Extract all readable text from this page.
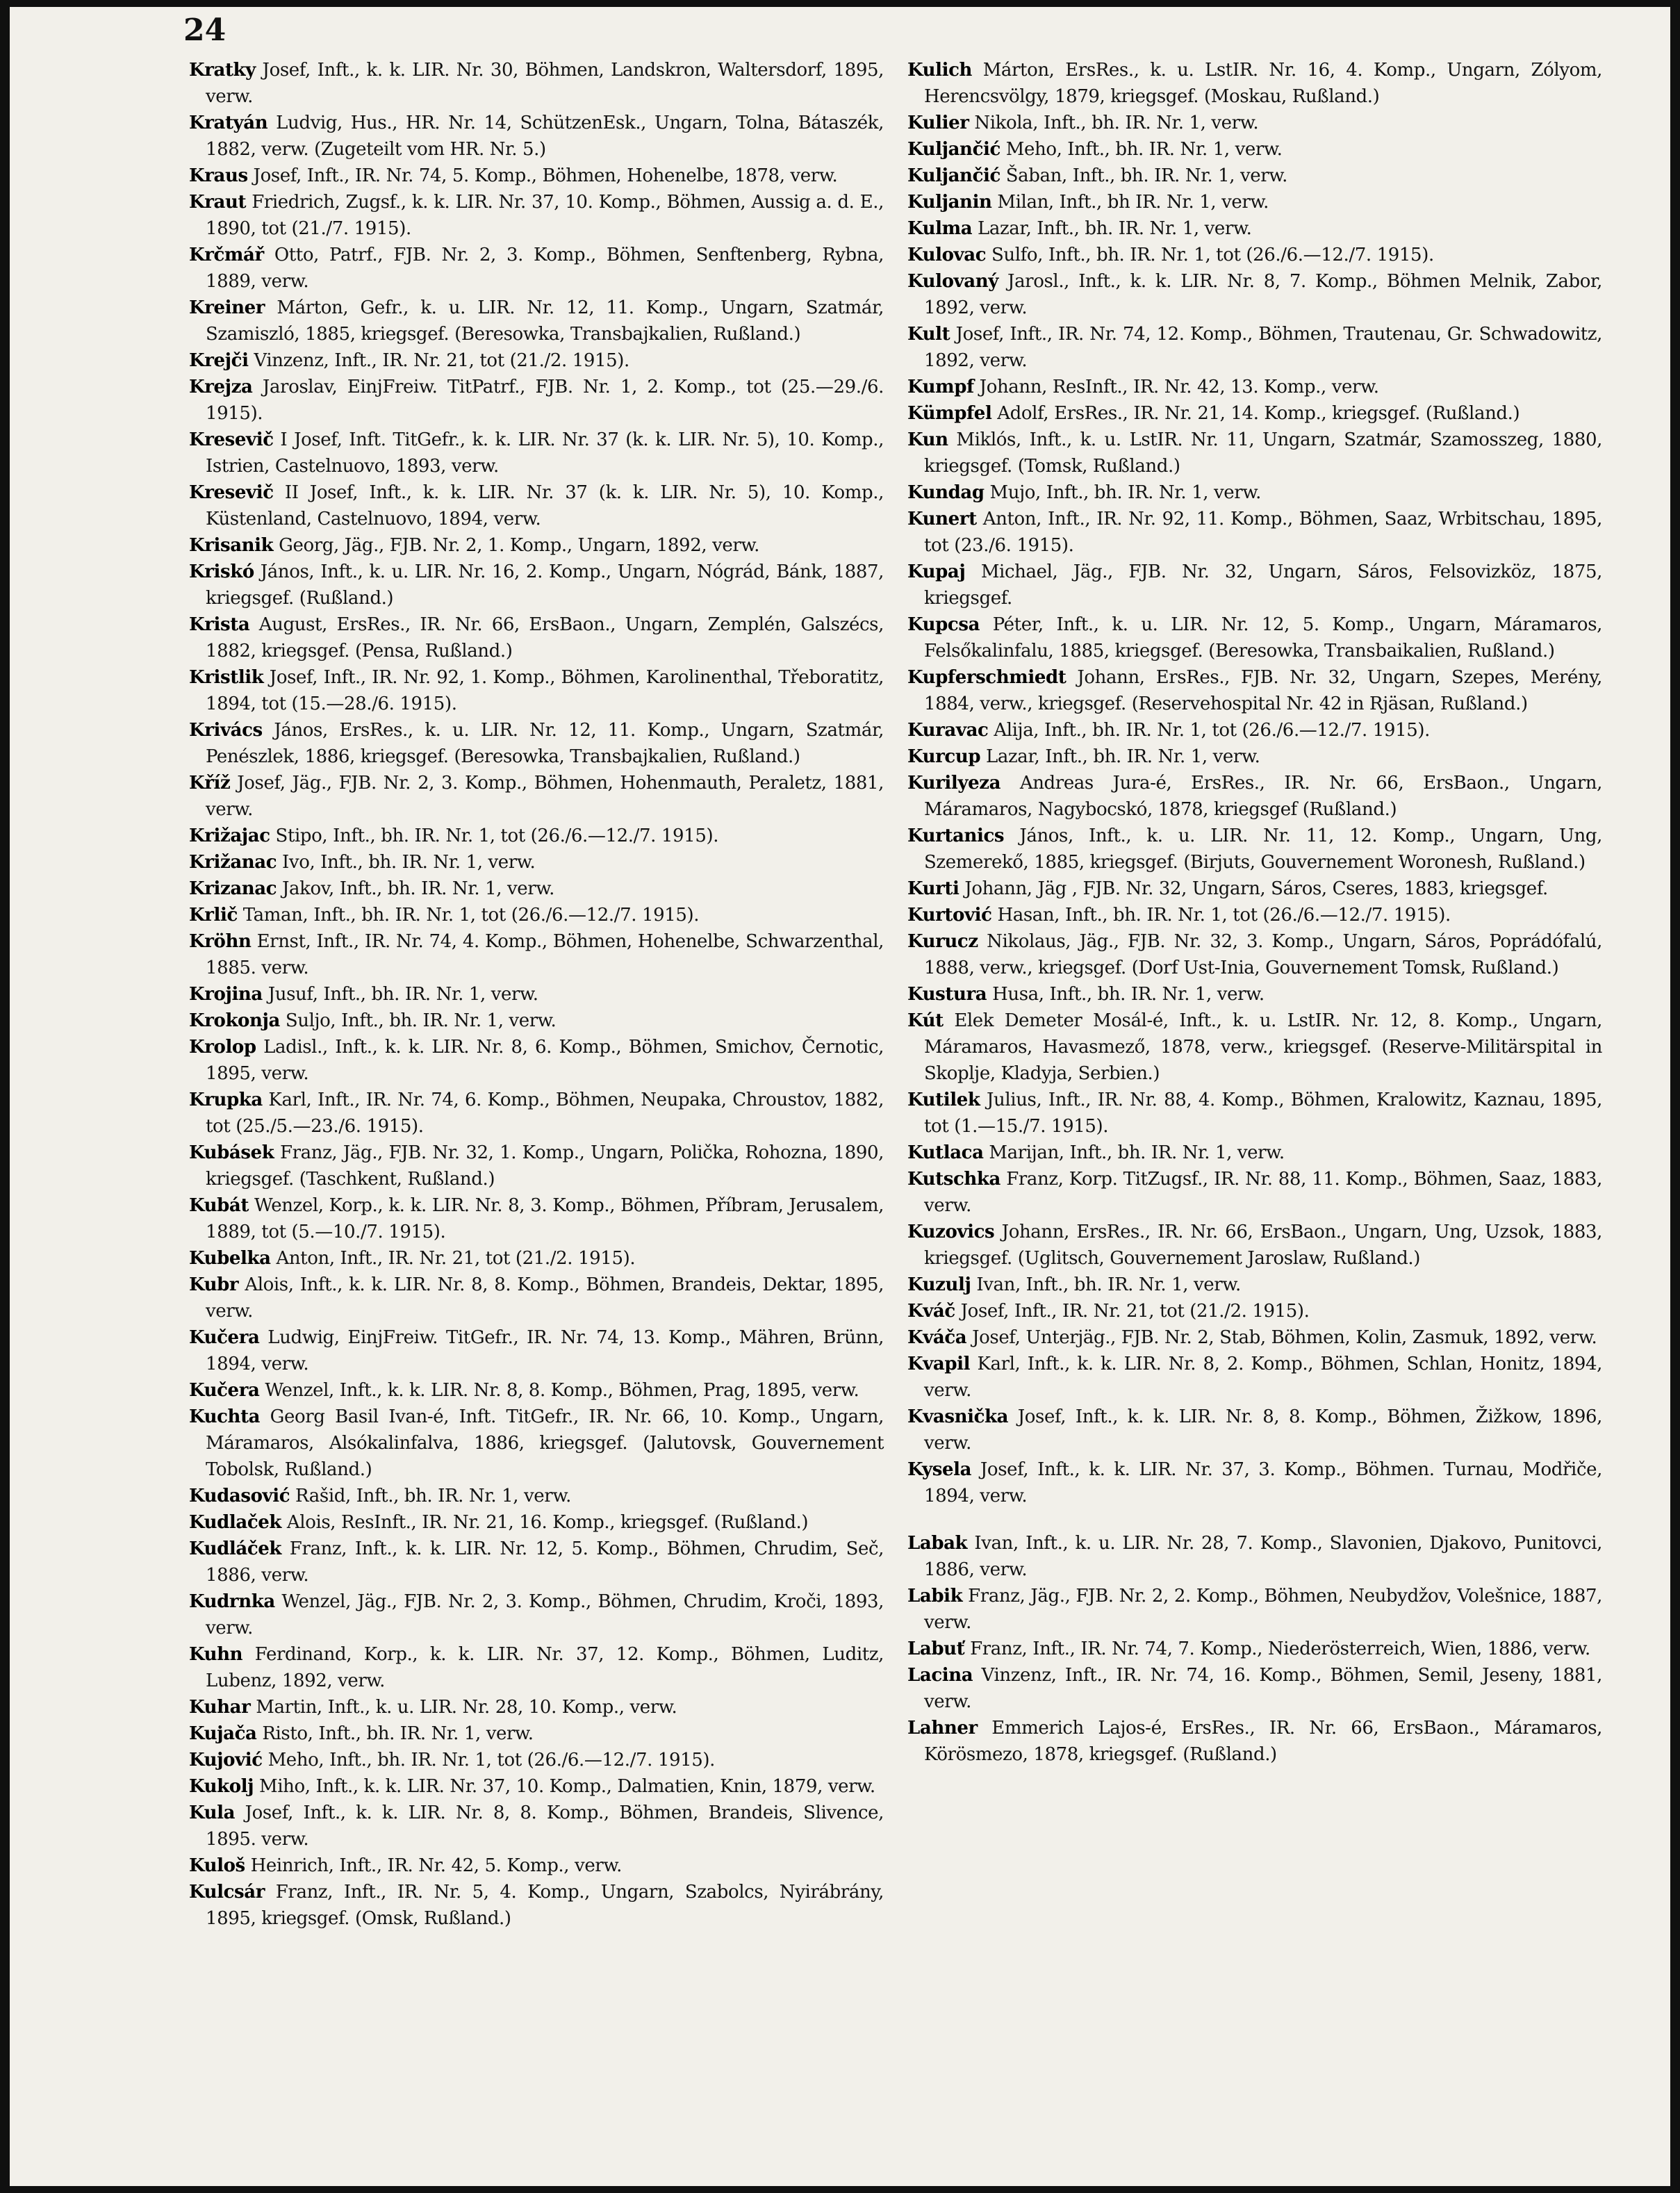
24

Kratky Josef, Inft., k. k. LIR. Nr. 30, Böhmen, Landskron, Waltersdorf, 1895, verw.

Kratyán Ludvig, Hus., HR. Nr. 14, SchützenEsk., Ungarn, Tolna, Bátaszék, 1882, verw. (Zugeteilt vom HR. Nr. 5.)

Kraus Josef, Inft., IR. Nr. 74, 5. Komp., Böhmen, Hohenelbe, 1878, verw.

Kraut Friedrich, Zugsf., k. k. LIR. Nr. 37, 10. Komp., Böhmen, Aussig a. d. E., 1890, tot (21./7. 1915).

Krčmář Otto, Patrf., FJB. Nr. 2, 3. Komp., Böhmen, Senftenberg, Rybna, 1889, verw.

Kreiner Márton, Gefr., k. u. LIR. Nr. 12, 11. Komp., Ungarn, Szatmár, Szamiszló, 1885, kriegsgef. (Beresowka, Transbajkalien, Rußland.)

Krejči Vinzenz, Inft., IR. Nr. 21, tot (21./2. 1915).

Krejza Jaroslav, EinjFreiw. TitPatrf., FJB. Nr. 1, 2. Komp., tot (25.—29./6. 1915).

Kresevič I Josef, Inft. TitGefr., k. k. LIR. Nr. 37 (k. k. LIR. Nr. 5), 10. Komp., Istrien, Castelnuovo, 1893, verw.

Kresevič II Josef, Inft., k. k. LIR. Nr. 37 (k. k. LIR. Nr. 5), 10. Komp., Küstenland, Castelnuovo, 1894, verw.

Krisanik Georg, Jäg., FJB. Nr. 2, 1. Komp., Ungarn, 1892, verw.

Kriskó János, Inft., k. u. LIR. Nr. 16, 2. Komp., Ungarn, Nógrád, Bánk, 1887, kriegsgef. (Rußland.)

Krista August, ErsRes., IR. Nr. 66, ErsBaon., Ungarn, Zemplén, Galszécs, 1882, kriegsgef. (Pensa, Rußland.)

Kristlik Josef, Inft., IR. Nr. 92, 1. Komp., Böhmen, Karolinenthal, Třeboratitz, 1894, tot (15.—28./6. 1915).

Krivács János, ErsRes., k. u. LIR. Nr. 12, 11. Komp., Ungarn, Szatmár, Penészlek, 1886, kriegsgef. (Beresowka, Transbajkalien, Rußland.)

Kříž Josef, Jäg., FJB. Nr. 2, 3. Komp., Böhmen, Hohenmauth, Peraletz, 1881, verw.

Križajac Stipo, Inft., bh. IR. Nr. 1, tot (26./6.—12./7. 1915).

Križanac Ivo, Inft., bh. IR. Nr. 1, verw.

Krizanac Jakov, Inft., bh. IR. Nr. 1, verw.

Krlič Taman, Inft., bh. IR. Nr. 1, tot (26./6.—12./7. 1915).

Kröhn Ernst, Inft., IR. Nr. 74, 4. Komp., Böhmen, Hohenelbe, Schwarzenthal, 1885. verw.

Krojina Jusuf, Inft., bh. IR. Nr. 1, verw.

Krokonja Suljo, Inft., bh. IR. Nr. 1, verw.

Krolop Ladisl., Inft., k. k. LIR. Nr. 8, 6. Komp., Böhmen, Smichov, Černotic, 1895, verw.

Krupka Karl, Inft., IR. Nr. 74, 6. Komp., Böhmen, Neupaka, Chroustov, 1882, tot (25./5.—23./6. 1915).

Kubásek Franz, Jäg., FJB. Nr. 32, 1. Komp., Ungarn, Polička, Rohozna, 1890, kriegsgef. (Taschkent, Rußland.)

Kubát Wenzel, Korp., k. k. LIR. Nr. 8, 3. Komp., Böhmen, Příbram, Jerusalem, 1889, tot (5.—10./7. 1915).

Kubelka Anton, Inft., IR. Nr. 21, tot (21./2. 1915).

Kubr Alois, Inft., k. k. LIR. Nr. 8, 8. Komp., Böhmen, Brandeis, Dektar, 1895, verw.

Kučera Ludwig, EinjFreiw. TitGefr., IR. Nr. 74, 13. Komp., Mähren, Brünn, 1894, verw.

Kučera Wenzel, Inft., k. k. LIR. Nr. 8, 8. Komp., Böhmen, Prag, 1895, verw.

Kuchta Georg Basil Ivan-é, Inft. TitGefr., IR. Nr. 66, 10. Komp., Ungarn, Máramaros, Alsókalinfalva, 1886, kriegsgef. (Jalutovsk, Gouvernement Tobolsk, Rußland.)

Kudasović Rašid, Inft., bh. IR. Nr. 1, verw.

Kudlaček Alois, ResInft., IR. Nr. 21, 16. Komp., kriegsgef. (Rußland.)

Kudláček Franz, Inft., k. k. LIR. Nr. 12, 5. Komp., Böhmen, Chrudim, Seč, 1886, verw.

Kudrnka Wenzel, Jäg., FJB. Nr. 2, 3. Komp., Böhmen, Chrudim, Kroči, 1893, verw.

Kuhn Ferdinand, Korp., k. k. LIR. Nr. 37, 12. Komp., Böhmen, Luditz, Lubenz, 1892, verw.

Kuhar Martin, Inft., k. u. LIR. Nr. 28, 10. Komp., verw.

Kujača Risto, Inft., bh. IR. Nr. 1, verw.

Kujović Meho, Inft., bh. IR. Nr. 1, tot (26./6.—12./7. 1915).

Kukolj Miho, Inft., k. k. LIR. Nr. 37, 10. Komp., Dalmatien, Knin, 1879, verw.

Kula Josef, Inft., k. k. LIR. Nr. 8, 8. Komp., Böhmen, Brandeis, Slivence, 1895. verw.

Kuloš Heinrich, Inft., IR. Nr. 42, 5. Komp., verw.

Kulcsár Franz, Inft., IR. Nr. 5, 4. Komp., Ungarn, Szabolcs, Nyirábrány, 1895, kriegsgef. (Omsk, Rußland.)

Kulich Márton, ErsRes., k. u. LstIR. Nr. 16, 4. Komp., Ungarn, Zólyom, Herencsvölgy, 1879, kriegsgef. (Moskau, Rußland.)

Kulier Nikola, Inft., bh. IR. Nr. 1, verw.

Kuljančić Meho, Inft., bh. IR. Nr. 1, verw.

Kuljančić Šaban, Inft., bh. IR. Nr. 1, verw.

Kuljanin Milan, Inft., bh IR. Nr. 1, verw.

Kulma Lazar, Inft., bh. IR. Nr. 1, verw.

Kulovac Sulfo, Inft., bh. IR. Nr. 1, tot (26./6.—12./7. 1915).

Kulovaný Jarosl., Inft., k. k. LIR. Nr. 8, 7. Komp., Böhmen Melnik, Zabor, 1892, verw.

Kult Josef, Inft., IR. Nr. 74, 12. Komp., Böhmen, Trautenau, Gr. Schwadowitz, 1892, verw.

Kumpf Johann, ResInft., IR. Nr. 42, 13. Komp., verw.

Kümpfel Adolf, ErsRes., IR. Nr. 21, 14. Komp., kriegsgef. (Rußland.)

Kun Miklós, Inft., k. u. LstIR. Nr. 11, Ungarn, Szatmár, Szamosszeg, 1880, kriegsgef. (Tomsk, Rußland.)

Kundag Mujo, Inft., bh. IR. Nr. 1, verw.

Kunert Anton, Inft., IR. Nr. 92, 11. Komp., Böhmen, Saaz, Wrbitschau, 1895, tot (23./6. 1915).

Kupaj Michael, Jäg., FJB. Nr. 32, Ungarn, Sáros, Felsovizköz, 1875, kriegsgef.

Kupcsa Péter, Inft., k. u. LIR. Nr. 12, 5. Komp., Ungarn, Máramaros, Felsőkalinfalu, 1885, kriegsgef. (Beresowka, Transbaikalien, Rußland.)

Kupferschmiedt Johann, ErsRes., FJB. Nr. 32, Ungarn, Szepes, Merény, 1884, verw., kriegsgef. (Reservehospital Nr. 42 in Rjäsan, Rußland.)

Kuravac Alija, Inft., bh. IR. Nr. 1, tot (26./6.—12./7. 1915).

Kurcup Lazar, Inft., bh. IR. Nr. 1, verw.

Kurilyeza Andreas Jura-é, ErsRes., IR. Nr. 66, ErsBaon., Ungarn, Máramaros, Nagybocskó, 1878, kriegsgef (Rußland.)

Kurtanics János, Inft., k. u. LIR. Nr. 11, 12. Komp., Ungarn, Ung, Szemerekő, 1885, kriegsgef. (Birjuts, Gouvernement Woronesh, Rußland.)

Kurti Johann, Jäg , FJB. Nr. 32, Ungarn, Sáros, Cseres, 1883, kriegsgef.

Kurtović Hasan, Inft., bh. IR. Nr. 1, tot (26./6.—12./7. 1915).

Kurucz Nikolaus, Jäg., FJB. Nr. 32, 3. Komp., Ungarn, Sáros, Poprádófalú, 1888, verw., kriegsgef. (Dorf Ust-Inia, Gouvernement Tomsk, Rußland.)

Kustura Husa, Inft., bh. IR. Nr. 1, verw.

Kút Elek Demeter Mosál-é, Inft., k. u. LstIR. Nr. 12, 8. Komp., Ungarn, Máramaros, Havasmező, 1878, verw., kriegsgef. (Reserve-Militärspital in Skoplje, Kladyja, Serbien.)

Kutilek Julius, Inft., IR. Nr. 88, 4. Komp., Böhmen, Kralowitz, Kaznau, 1895, tot (1.—15./7. 1915).

Kutlaca Marijan, Inft., bh. IR. Nr. 1, verw.

Kutschka Franz, Korp. TitZugsf., IR. Nr. 88, 11. Komp., Böhmen, Saaz, 1883, verw.

Kuzovics Johann, ErsRes., IR. Nr. 66, ErsBaon., Ungarn, Ung, Uzsok, 1883, kriegsgef. (Uglitsch, Gouvernement Jaroslaw, Rußland.)

Kuzulj Ivan, Inft., bh. IR. Nr. 1, verw.

Kváč Josef, Inft., IR. Nr. 21, tot (21./2. 1915).

Kváča Josef, Unterjäg., FJB. Nr. 2, Stab, Böhmen, Kolin, Zasmuk, 1892, verw.

Kvapil Karl, Inft., k. k. LIR. Nr. 8, 2. Komp., Böhmen, Schlan, Honitz, 1894, verw.

Kvasnička Josef, Inft., k. k. LIR. Nr. 8, 8. Komp., Böhmen, Žižkow, 1896, verw.

Kysela Josef, Inft., k. k. LIR. Nr. 37, 3. Komp., Böhmen. Turnau, Modřiče, 1894, verw.

Labak Ivan, Inft., k. u. LIR. Nr. 28, 7. Komp., Slavonien, Djakovo, Punitovci, 1886, verw.

Labik Franz, Jäg., FJB. Nr. 2, 2. Komp., Böhmen, Neubydžov, Volešnice, 1887, verw.

Labuť Franz, Inft., IR. Nr. 74, 7. Komp., Niederösterreich, Wien, 1886, verw.

Lacina Vinzenz, Inft., IR. Nr. 74, 16. Komp., Böhmen, Semil, Jeseny, 1881, verw.

Lahner Emmerich Lajos-é, ErsRes., IR. Nr. 66, ErsBaon., Máramaros, Körösmezo, 1878, kriegsgef. (Rußland.)
